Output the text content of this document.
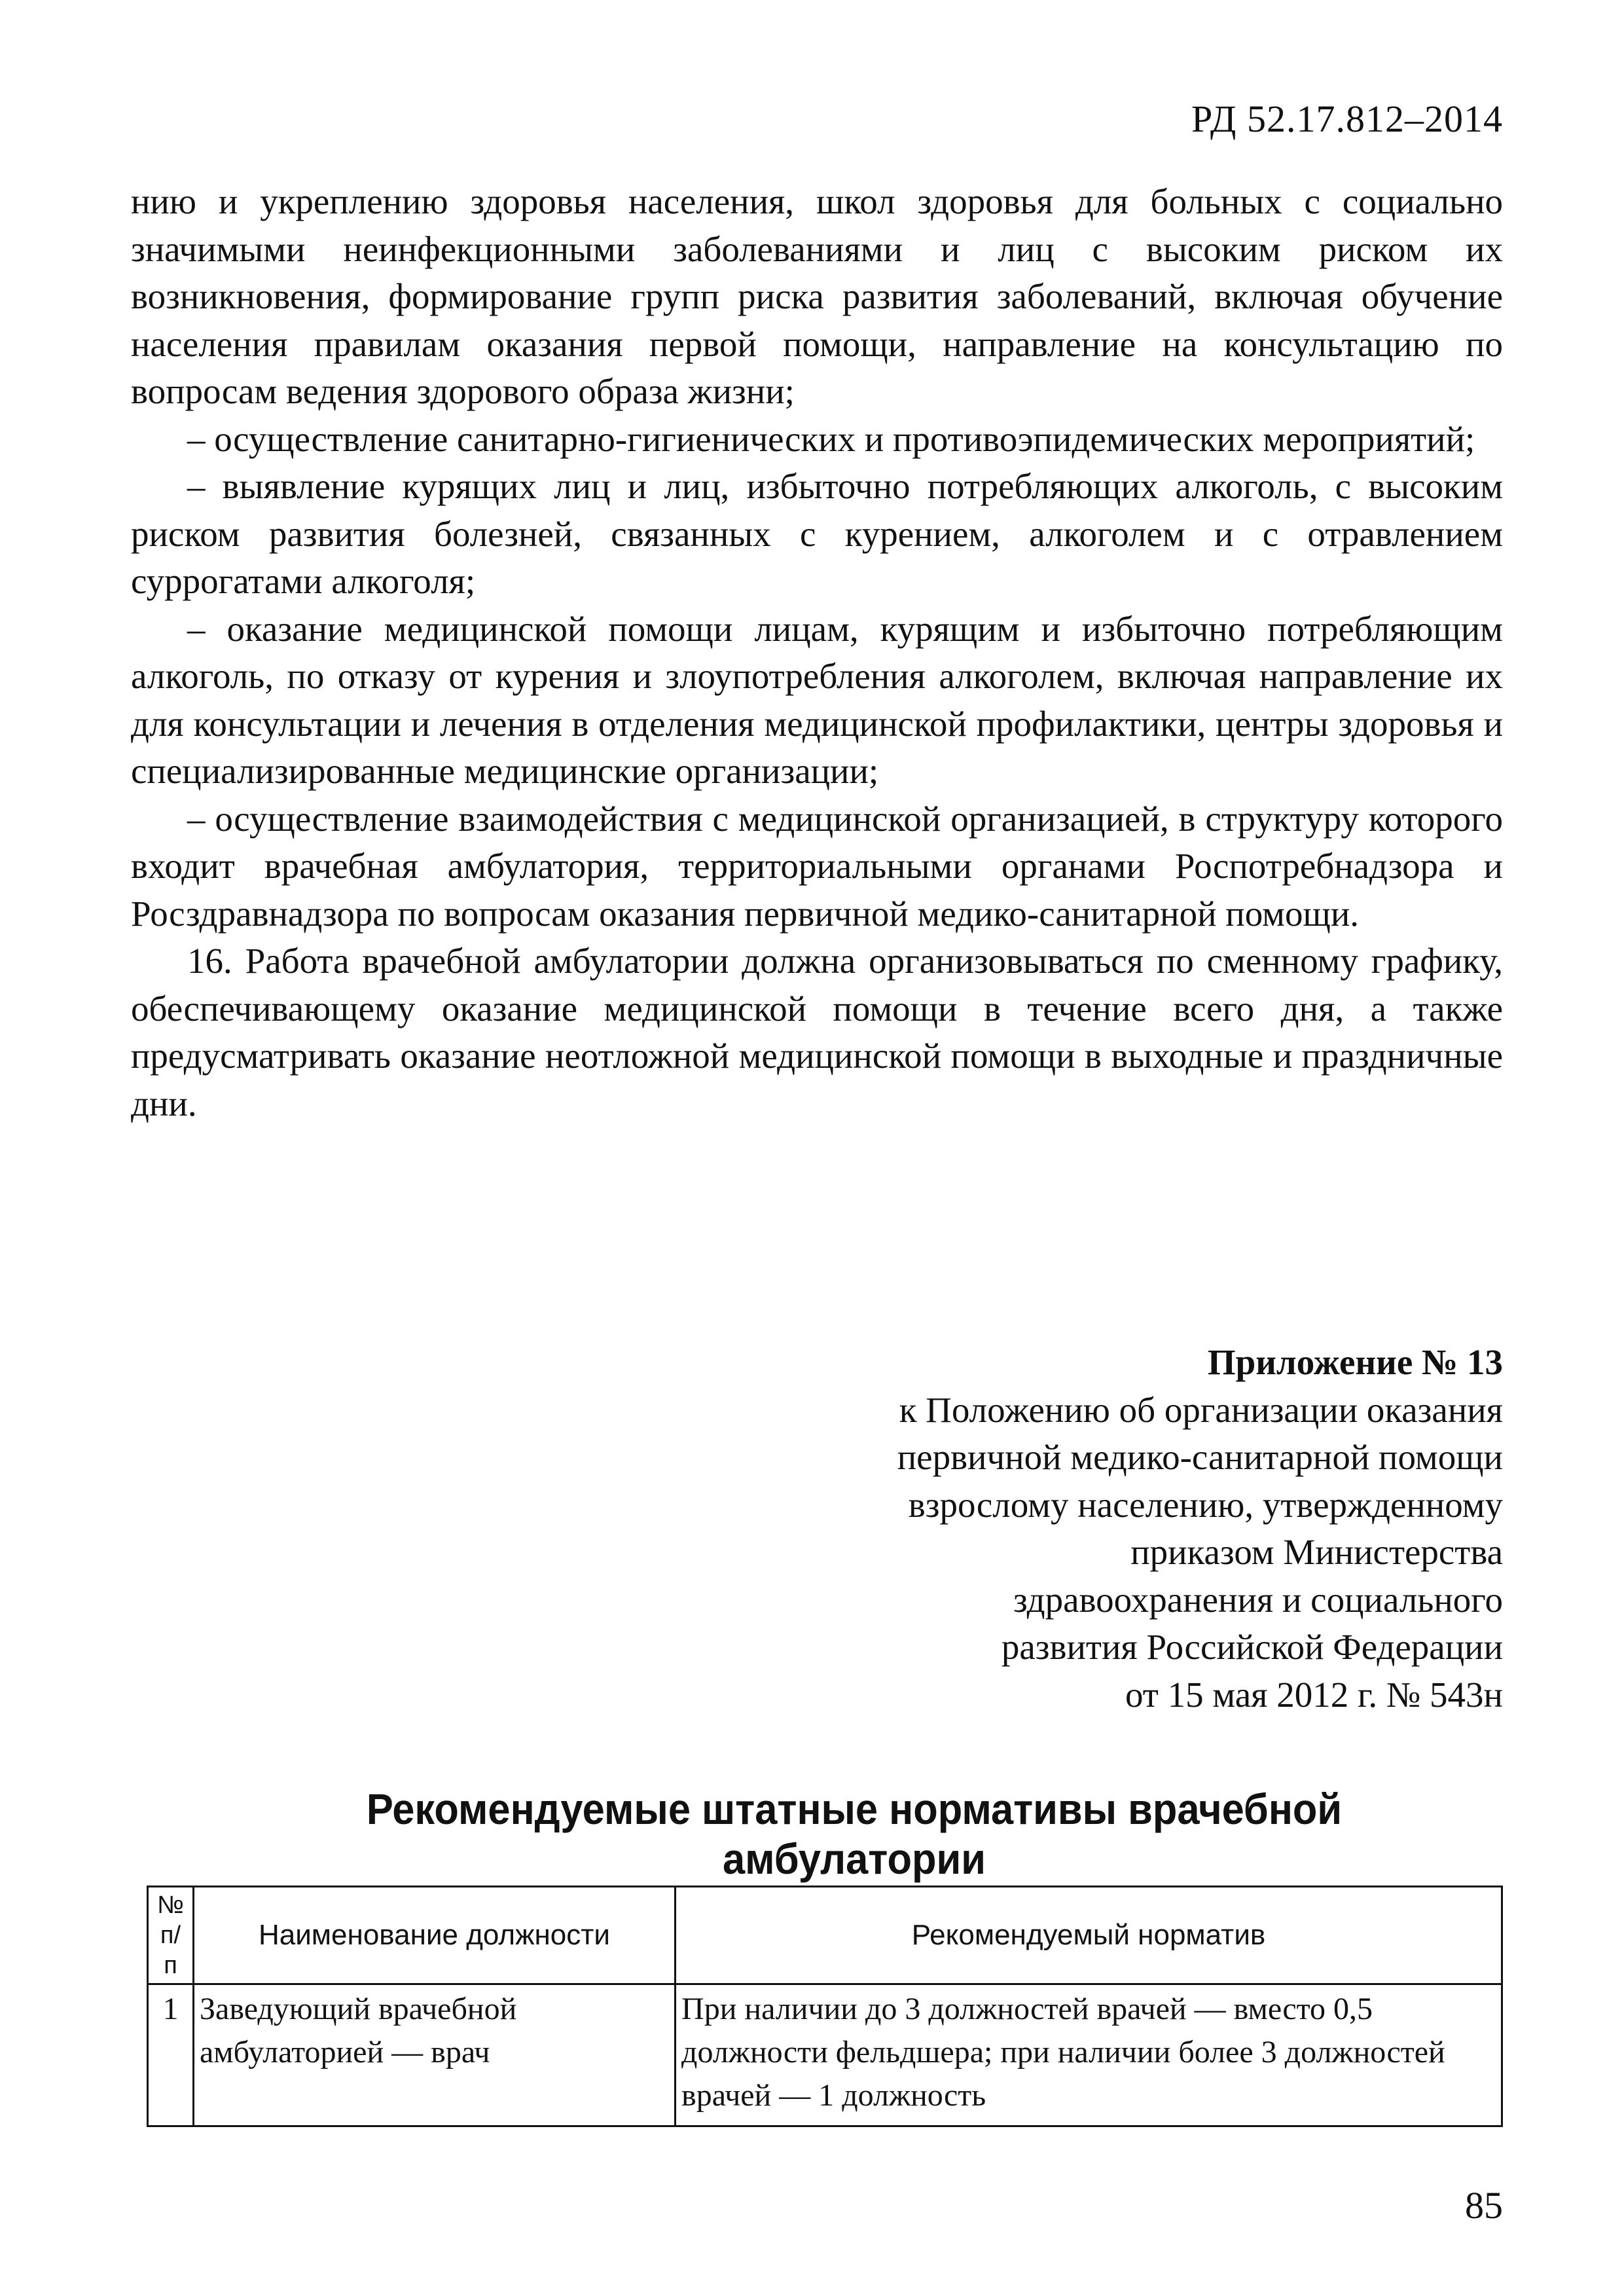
РД 52.17.812–2014

нию и укреплению здоровья населения, школ здоровья для больных с социально значимыми неинфекционными заболеваниями и лиц с высоким риском их возникновения, формирование групп риска развития заболеваний, включая обучение населения правилам оказания первой помощи, направление на консультацию по вопросам ведения здорового образа жизни;

– осуществление санитарно-гигиенических и противоэпидемических мероприятий;

– выявление курящих лиц и лиц, избыточно потребляющих алкоголь, с высоким риском развития болезней, связанных с курением, алкоголем и с отравлением суррогатами алкоголя;

– оказание медицинской помощи лицам, курящим и избыточно потребляющим алкоголь, по отказу от курения и злоупотребления алкоголем, включая направление их для консультации и лечения в отделения медицинской профилактики, центры здоровья и специализированные медицинские организации;

– осуществление взаимодействия с медицинской организацией, в структуру которого входит врачебная амбулатория, территориальными органами Роспотребнадзора и Росздравнадзора по вопросам оказания первичной медико-санитарной помощи.

16. Работа врачебной амбулатории должна организовываться по сменному графику, обеспечивающему оказание медицинской помощи в течение всего дня, а также предусматривать оказание неотложной медицинской помощи в выходные и праздничные дни.

Приложение № 13
к Положению об организации оказания
первичной медико-санитарной помощи
взрослому населению, утвержденному
приказом Министерства
здравоохранения и социального
развития Российской Федерации
от 15 мая 2012 г. № 543н
Рекомендуемые штатные нормативы врачебной амбулатории
№ п/п	Наименование должности	Рекомендуемый норматив
1	Заведующий врачебной амбулаторией — врач	При наличии до 3 должностей врачей — вместо 0,5 должности фельдшера; при наличии более 3 должностей врачей — 1 должность
85
